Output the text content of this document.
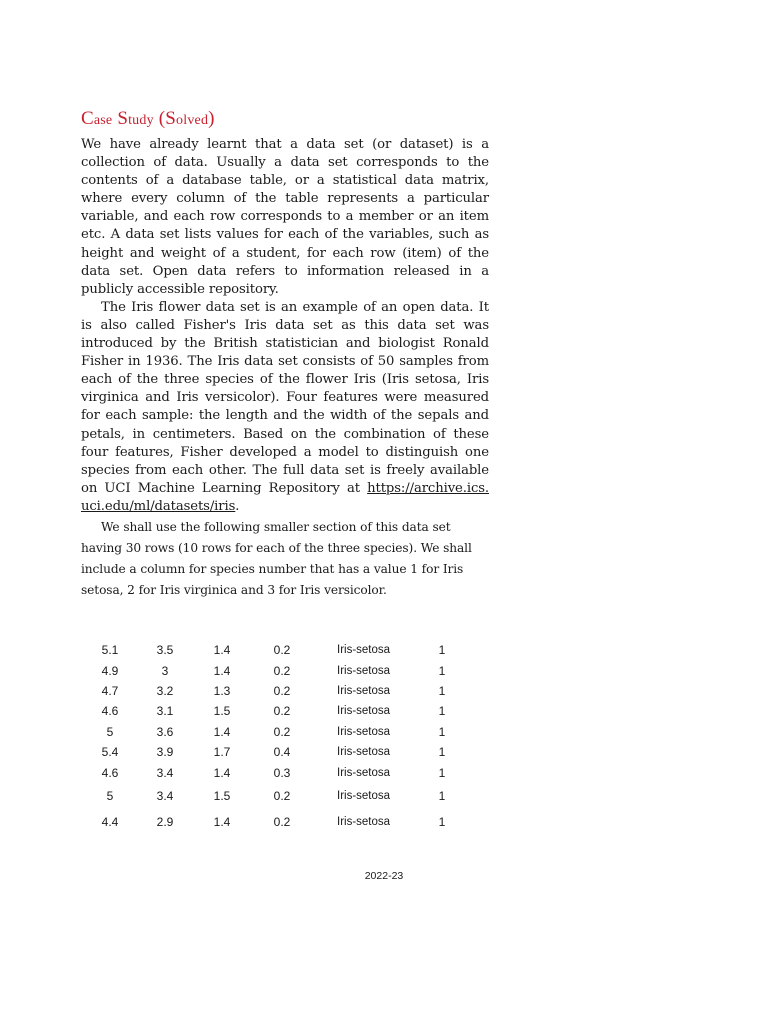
Case Study (Solved)

We have already learnt that a data set (or dataset) is a collection of data. Usually a data set corresponds to the contents of a database table, or a statistical data matrix, where every column of the table represents a particular variable, and each row corresponds to a member or an item etc. A data set lists values for each of the variables, such as height and weight of a student, for each row (item) of the data set. Open data refers to information released in a publicly accessible repository.

The Iris flower data set is an example of an open data. It is also called Fisher's Iris data set as this data set was introduced by the British statistician and biologist Ronald Fisher in 1936. The Iris data set consists of 50 samples from each of the three species of the flower Iris (Iris setosa, Iris virginica and Iris versicolor). Four features were measured for each sample: the length and the width of the sepals and petals, in centimeters. Based on the combination of these four features, Fisher developed a model to distinguish one species from each other. The full data set is freely available on UCI Machine Learning Repository at https://archive.ics. uci.edu/ml/datasets/iris.

We shall use the following smaller section of this data set having 30 rows (10 rows for each of the three species). We shall include a column for species number that has a value 1 for Iris setosa, 2 for Iris virginica and 3 for Iris versicolor.

5.1	3.5	1.4	0.2	Iris-setosa	1
4.9	3	1.4	0.2	Iris-setosa	1
4.7	3.2	1.3	0.2	Iris-setosa	1
4.6	3.1	1.5	0.2	Iris-setosa	1
5	3.6	1.4	0.2	Iris-setosa	1
5.4	3.9	1.7	0.4	Iris-setosa	1
4.6	3.4	1.4	0.3	Iris-setosa	1
5	3.4	1.5	0.2	Iris-setosa	1
4.4	2.9	1.4	0.2	Iris-setosa	1
2022-23
